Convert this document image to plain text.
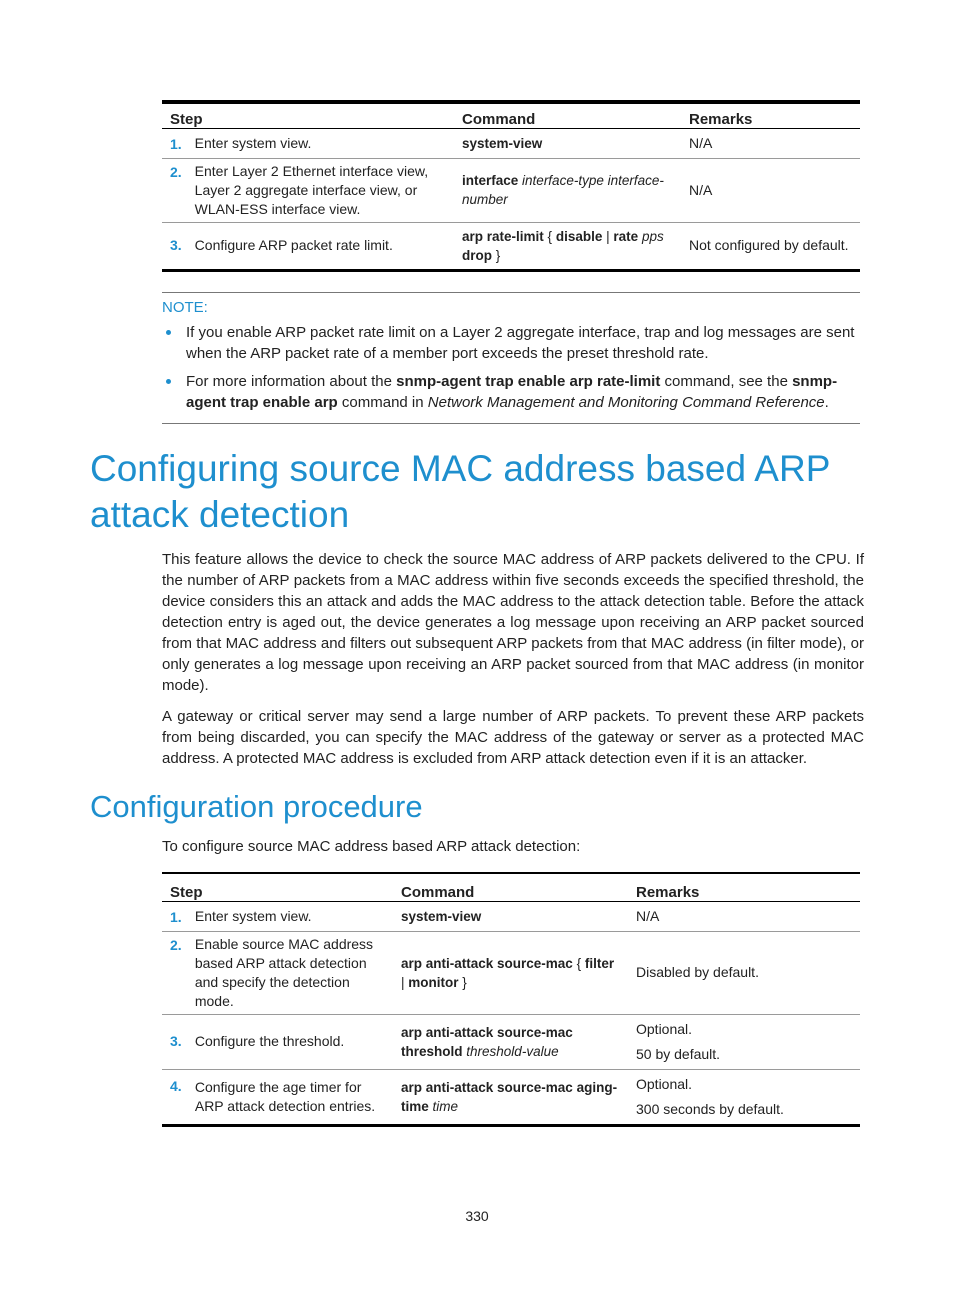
Step		Command	Remarks
1.	Enter system view.	system-view	N/A
2.	Enter Layer 2 Ethernet interface view, Layer 2 aggregate interface view, or WLAN-ESS interface view.	interface interface-type interface-number	N/A
3.	Configure ARP packet rate limit.	arp rate-limit { disable | rate pps drop }	Not configured by default.
NOTE:
If you enable ARP packet rate limit on a Layer 2 aggregate interface, trap and log messages are sent when the ARP packet rate of a member port exceeds the preset threshold rate.
For more information about the snmp-agent trap enable arp rate-limit command, see the snmp-agent trap enable arp command in Network Management and Monitoring Command Reference.
Configuring source MAC address based ARP attack detection

This feature allows the device to check the source MAC address of ARP packets delivered to the CPU. If the number of ARP packets from a MAC address within five seconds exceeds the specified threshold, the device considers this an attack and adds the MAC address to the attack detection table. Before the attack detection entry is aged out, the device generates a log message upon receiving an ARP packet sourced from that MAC address and filters out subsequent ARP packets from that MAC address (in filter mode), or only generates a log message upon receiving an ARP packet sourced from that MAC address (in monitor mode).

A gateway or critical server may send a large number of ARP packets. To prevent these ARP packets from being discarded, you can specify the MAC address of the gateway or server as a protected MAC address. A protected MAC address is excluded from ARP attack detection even if it is an attacker.

Configuration procedure

To configure source MAC address based ARP attack detection:

Step		Command	Remarks
1.	Enter system view.	system-view	N/A
2.	Enable source MAC address based ARP attack detection and specify the detection mode.	arp anti-attack source-mac { filter | monitor }	Disabled by default.
3.	Configure the threshold.	arp anti-attack source-mac threshold threshold-value	Optional.
50 by default.

4.	Configure the age timer for ARP attack detection entries.	arp anti-attack source-mac aging-time time	Optional.
300 seconds by default.
330
